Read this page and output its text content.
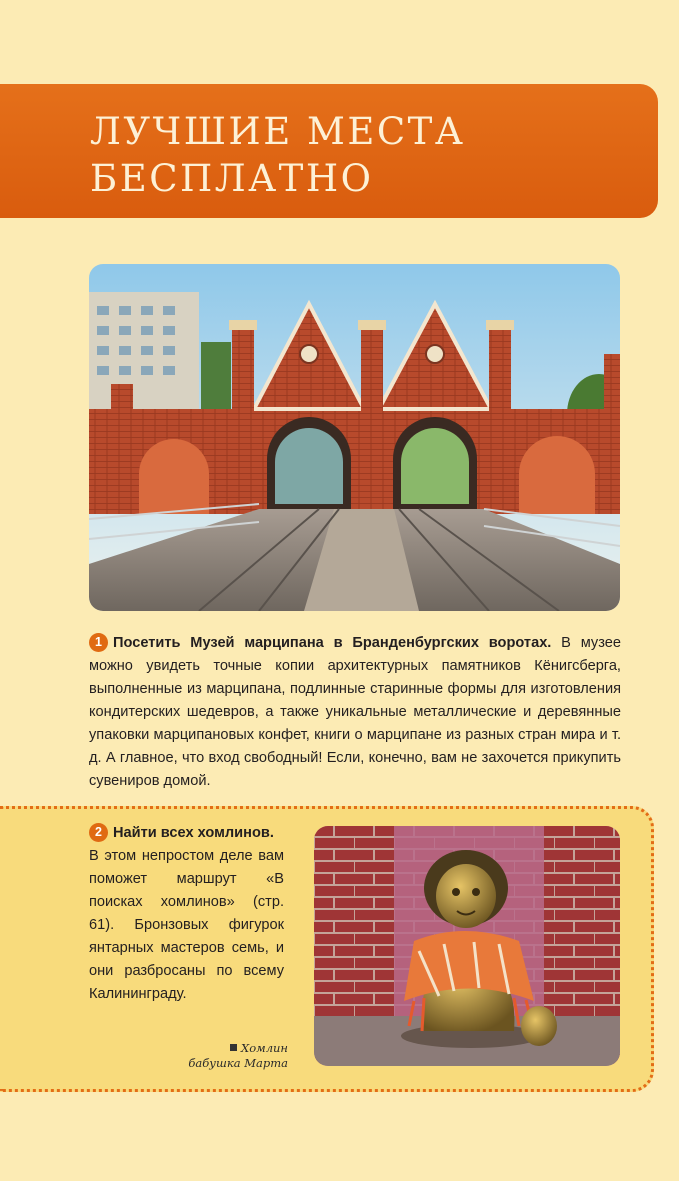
ЛУЧШИЕ МЕСТА
БЕСПЛАТНО

1 Посетить Музей марципана в Бранденбургских воротах. В музее можно увидеть точные копии архитектурных памятников Кёнигсберга, выполненные из марципана, подлинные старинные формы для изготовления кондитерских шедевров, а также уникальные металлические и деревянные упаковки марципановых конфет, книги о марципане из разных стран мира и т. д. А главное, что вход свободный! Если, конечно, вам не захочется прикупить сувениров домой.

2 Найти всех хомлинов.
В этом непростом деле вам поможет маршрут «В поисках хомлинов» (стр. 61). Бронзовых фигурок янтарных мастеров семь, и они разбросаны по всему Калининграду.

Хомлин
бабушка Марта
